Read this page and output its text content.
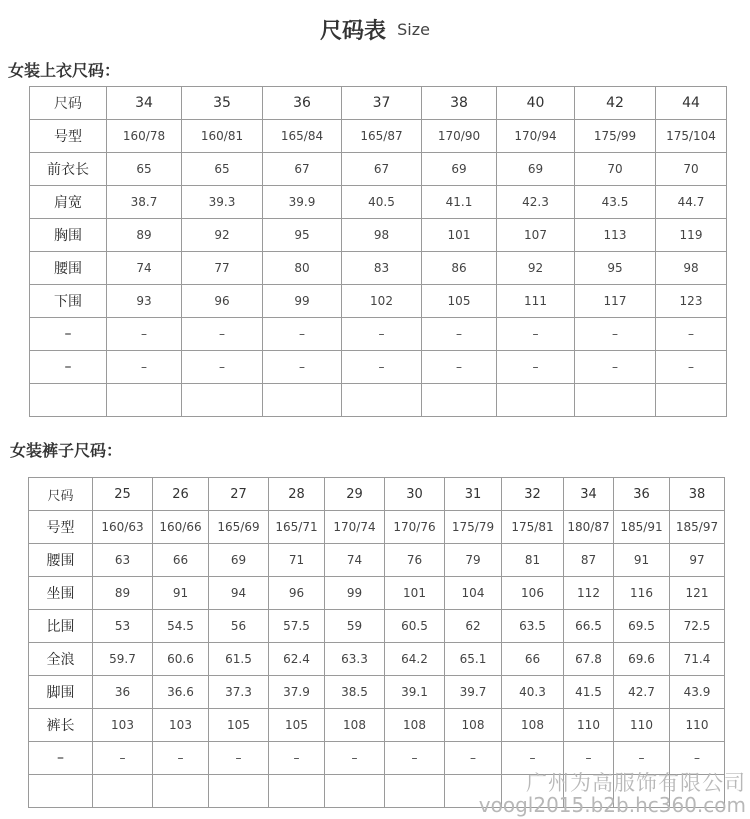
尺码表 Size
女装上衣尺码：
尺码	34	35	36	37	38	40	42	44
号型	160/78	160/81	165/84	165/87	170/90	170/94	175/99	175/104
前衣长	65	65	67	67	69	69	70	70
肩宽	38.7	39.3	39.9	40.5	41.1	42.3	43.5	44.7
胸围	89	92	95	98	101	107	113	119
腰围	74	77	80	83	86	92	95	98
下围	93	96	99	102	105	111	117	123
–	–	–	–	–	–	–	–	–
–	–	–	–	–	–	–	–	–

女装裤子尺码：
尺码	25	26	27	28	29	30	31	32	34	36	38
号型	160/63	160/66	165/69	165/71	170/74	170/76	175/79	175/81	180/87	185/91	185/97
腰围	63	66	69	71	74	76	79	81	87	91	97
坐围	89	91	94	96	99	101	104	106	112	116	121
比围	53	54.5	56	57.5	59	60.5	62	63.5	66.5	69.5	72.5
全浪	59.7	60.6	61.5	62.4	63.3	64.2	65.1	66	67.8	69.6	71.4
脚围	36	36.6	37.3	37.9	38.5	39.1	39.7	40.3	41.5	42.7	43.9
裤长	103	103	105	105	108	108	108	108	110	110	110
–	–	–	–	–	–	–	–	–	–	–	–

广州为高服饰有限公司
voogl2015.b2b.hc360.com
